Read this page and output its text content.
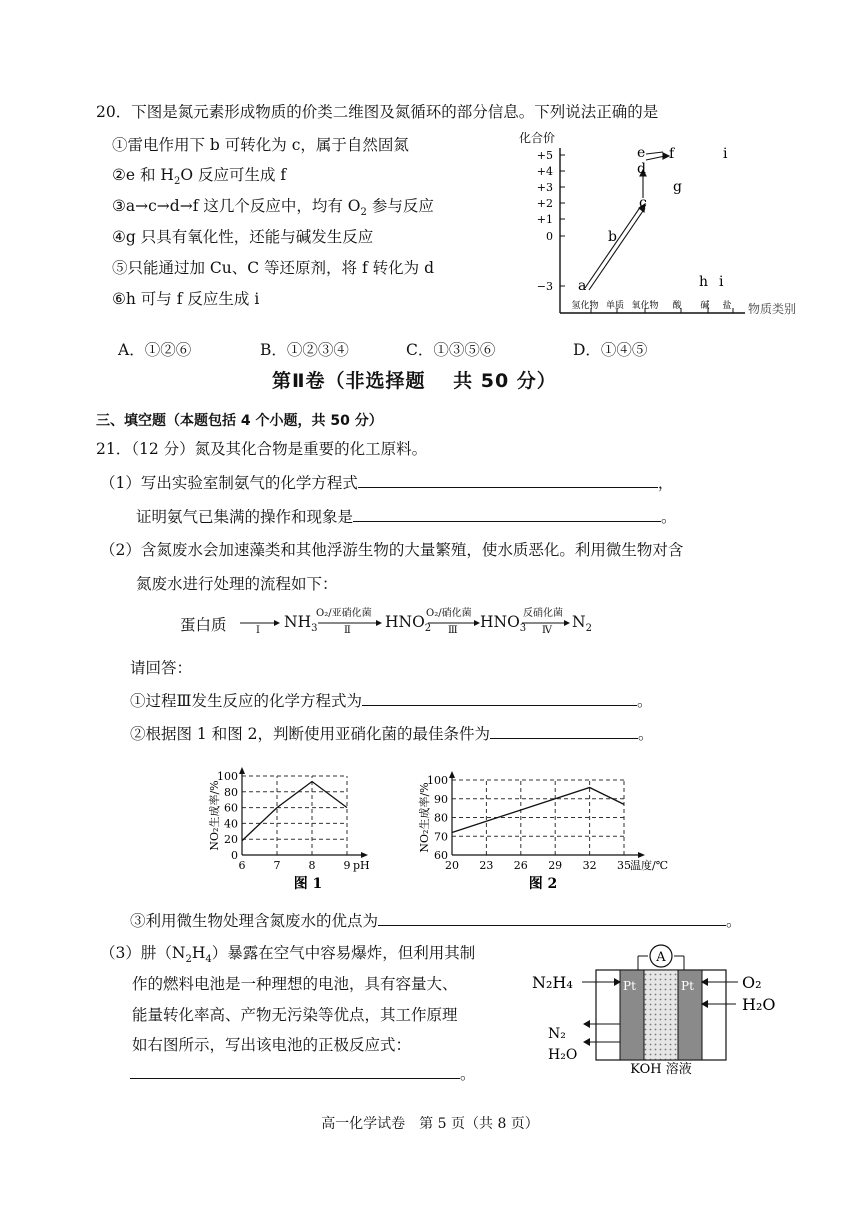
20．下图是氮元素形成物质的价类二维图及氮循环的部分信息。下列说法正确的是
①雷电作用下 b 可转化为 c，属于自然固氮
②e 和 $H_2O$ 反应可生成 f
③a→c→d→f 这几个反应中，均有 $O_2$ 参与反应
④g 只具有氧化性，还能与碱发生反应
⑤只能通过加 Cu、C 等还原剂，将 f 转化为 d
⑥h 可与 f 反应生成 i
化合价
+5
+4
+3
+2
+1
0
−3
氢化物 单质 氧化物 酸 碱 盐 物质类别
a
b
c
d
e f
g
h
i
i
A．①②⑥	B．①②③④	C．①③⑤⑥	D．①④⑤
第Ⅱ卷（非选择题　 共 50 分）
三、填空题（本题包括 4 个小题，共 50 分）
21．（12 分）氮及其化合物是重要的化工原料。
（1）写出实验室制氨气的化学方程式	，
证明氨气已集满的操作和现象是	。
（2）含氮废水会加速藻类和其他浮游生物的大量繁殖，使水质恶化。利用微生物对含
氮废水进行处理的流程如下：
蛋白质	I $NH_3$
O₂/亚硝化菌
Ⅱ $HNO_2$
O₂/硝化菌
Ⅲ $HNO_3$
反硝化菌
Ⅳ $N_2$
请回答：
①过程Ⅲ发生反应的化学方程式为	。
②根据图 1 和图 2，判断使用亚硝化菌的最佳条件为	。
0
20
40
60
80
100
6	7	8	9 pH
NO₂生成率/%
图 1
60
70
80
90
100
20 23 26 29 32 35 温度/℃
NO₂生成率/%
图 2
③利用微生物处理含氮废水的优点为	。
（3）肼$(N_2H_4)$暴露在空气中容易爆炸，但利用其制
作的燃料电池是一种理想的电池，具有容量大、
能量转化率高、产物无污染等优点，其工作原理
如右图所示，写出该电池的正极反应式：
。
A
Pt	Pt
N₂H₄	O₂
H₂O
N₂
H₂O
KOH 溶液
高一化学试卷　第 5 页（共 8 页）
